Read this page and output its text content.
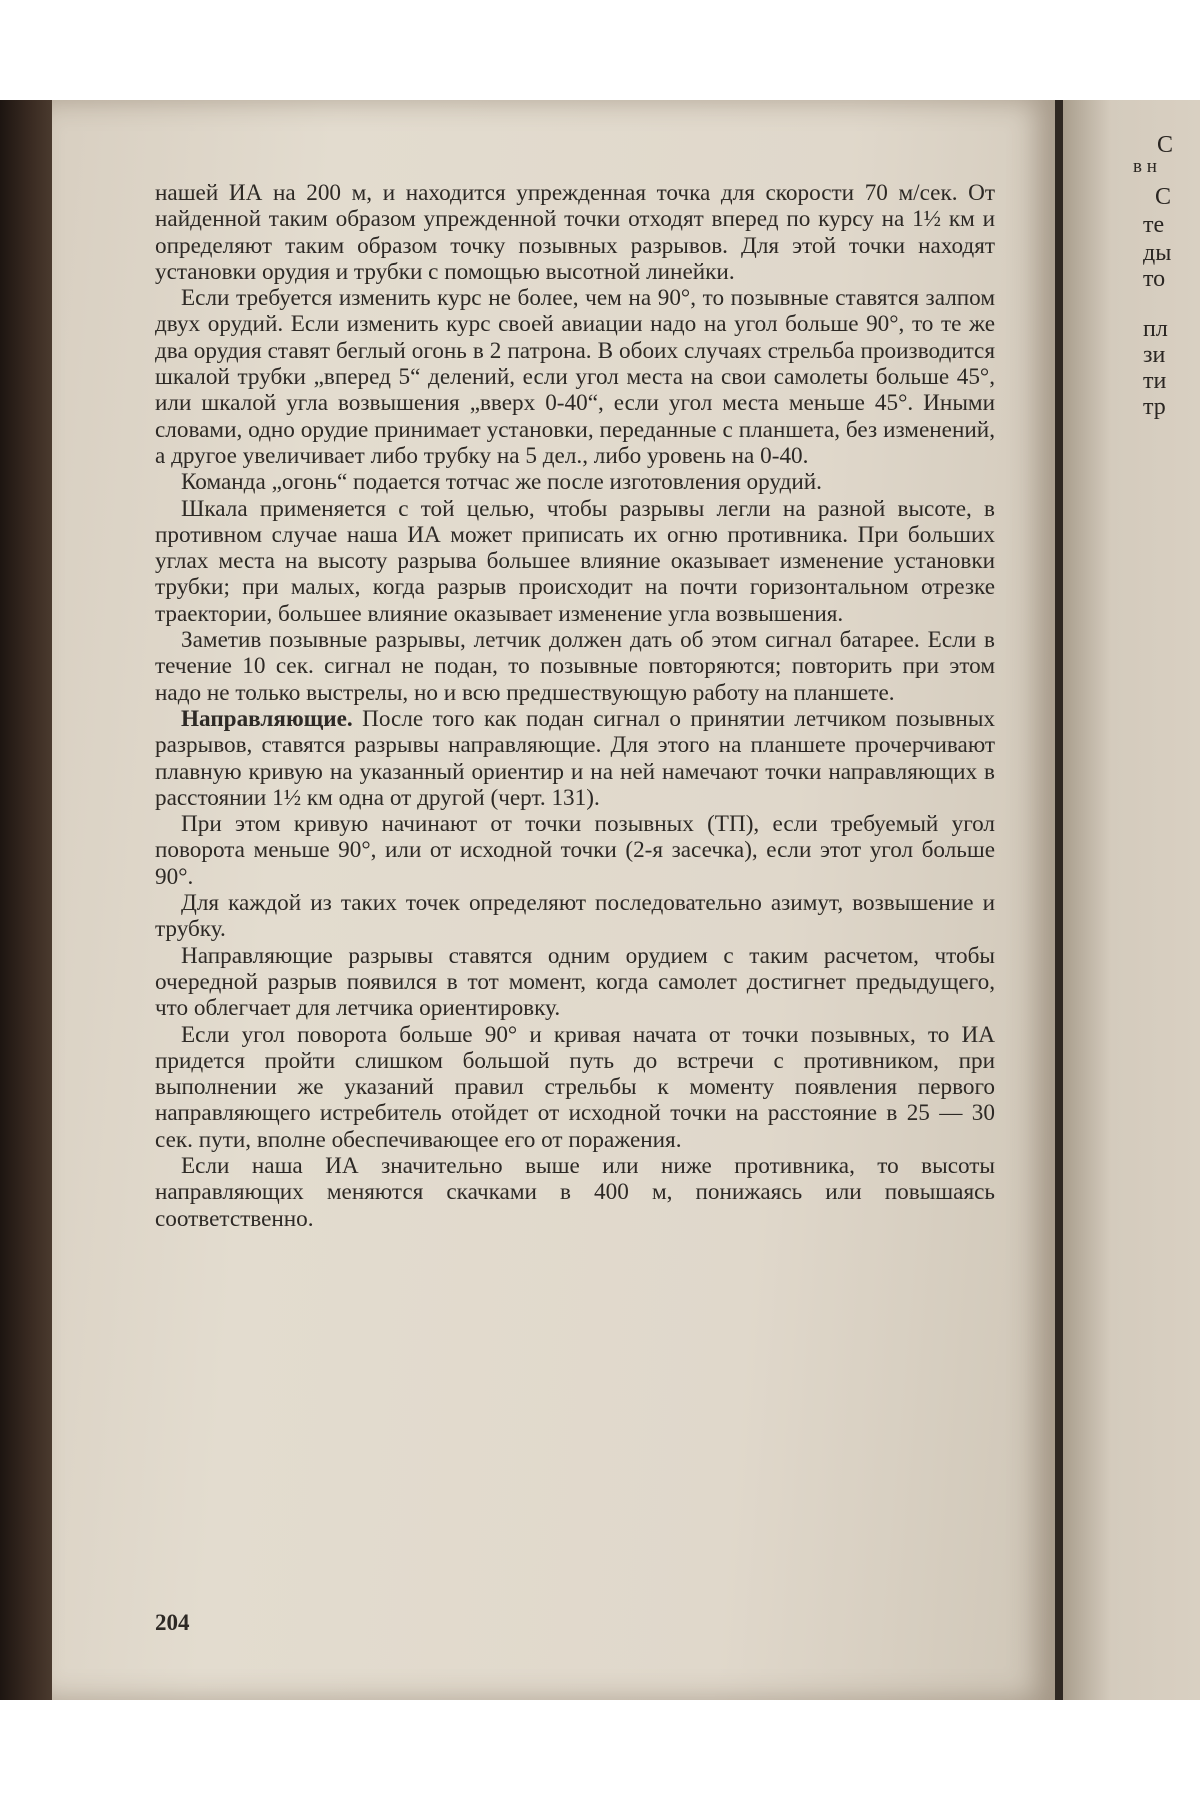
нашей ИА на 200 м, и находится упрежденная точка для скорости 70 м/сек. От найденной таким образом упрежденной точки отходят вперед по курсу на 1½ км и определяют таким образом точку позывных разрывов. Для этой точки находят установки орудия и трубки с помощью высотной линейки.

Если требуется изменить курс не более, чем на 90°, то позывные ставятся залпом двух орудий. Если изменить курс своей авиации надо на угол больше 90°, то те же два орудия ставят беглый огонь в 2 патрона. В обоих случаях стрельба производится шкалой трубки „вперед 5“ делений, если угол места на свои самолеты больше 45°, или шкалой угла возвышения „вверх 0-40“, если угол места меньше 45°. Иными словами, одно орудие принимает установки, переданные с планшета, без изменений, а другое увеличивает либо трубку на 5 дел., либо уровень на 0-40.

Команда „огонь“ подается тотчас же после изготовления орудий.

Шкала применяется с той целью, чтобы разрывы легли на разной высоте, в противном случае наша ИА может приписать их огню противника. При больших углах места на высоту разрыва большее влияние оказывает изменение установки трубки; при малых, когда разрыв происходит на почти горизонтальном отрезке траектории, большее влияние оказывает изменение угла возвышения.

Заметив позывные разрывы, летчик должен дать об этом сигнал батарее. Если в течение 10 сек. сигнал не подан, то позывные повторяются; повторить при этом надо не только выстрелы, но и всю предшествующую работу на планшете.

Направляющие. После того как подан сигнал о принятии летчиком позывных разрывов, ставятся разрывы направляющие. Для этого на планшете прочерчивают плавную кривую на указанный ориентир и на ней намечают точки направляющих в расстоянии 1½ км одна от другой (черт. 131).

При этом кривую начинают от точки позывных (ТП), если требуемый угол поворота меньше 90°, или от исходной точки (2-я засечка), если этот угол больше 90°.

Для каждой из таких точек определяют последовательно азимут, возвышение и трубку.

Направляющие разрывы ставятся одним орудием с таким расчетом, чтобы очередной разрыв появился в тот момент, когда самолет достигнет предыдущего, что облегчает для летчика ориентировку.

Если угол поворота больше 90° и кривая начата от точки позывных, то ИА придется пройти слишком большой путь до встречи с противником, при выполнении же указаний правил стрельбы к моменту появления первого направляющего истребитель отойдет от исходной точки на расстояние в 25 — 30 сек. пути, вполне обеспечивающее его от поражения.

Если наша ИА значительно выше или ниже противника, то высоты направляющих меняются скачками в 400 м, понижаясь или повышаясь соответственно.

204
С
в н
С
те
ды
то
пл
зи
ти
тр
